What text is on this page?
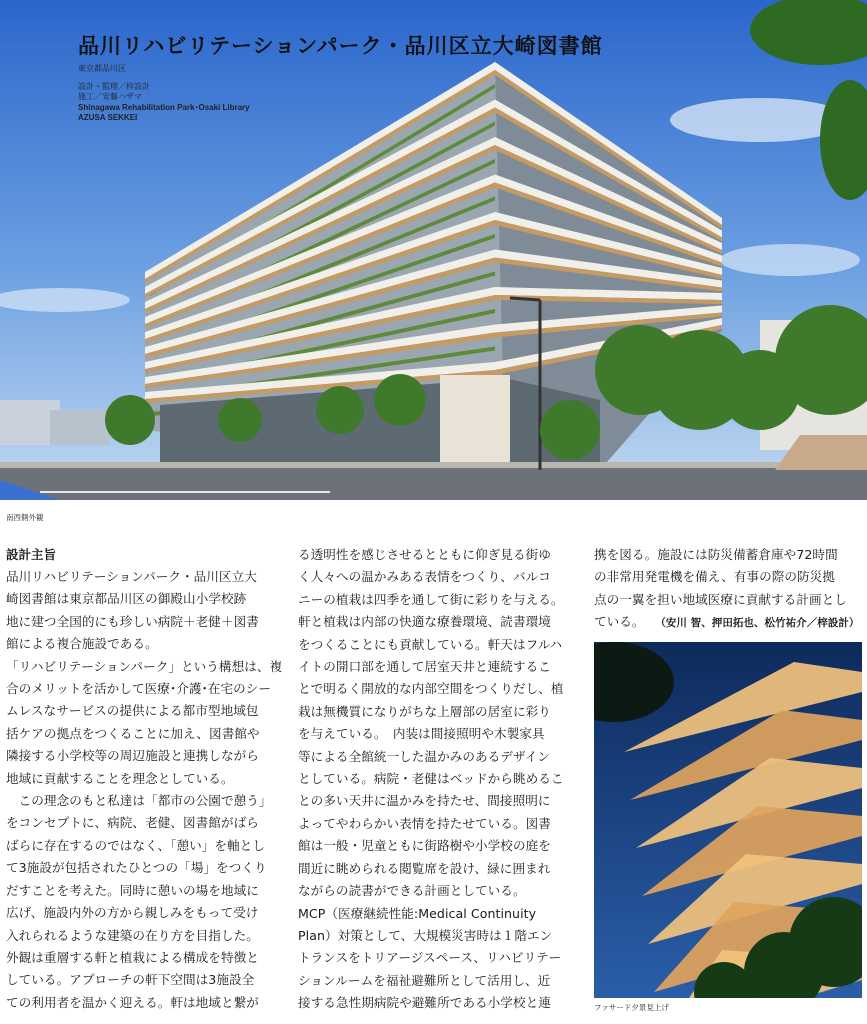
品川リハビリテーションパーク・品川区立大崎図書館
東京都品川区
設計・監理／梓設計
施工／安藤ハザマ
Shinagawa Rehabilitation Park･Osaki Library
AZUSA SEKKEI
南西側外観
設計主旨

品川リハビリテーションパーク・品川区立大

崎図書館は東京都品川区の御殿山小学校跡

地に建つ全国的にも珍しい病院＋老健＋図書

館による複合施設である。

「リハビリテーションパーク」という構想は、複

合のメリットを活かして医療･介護･在宅のシー

ムレスなサービスの提供による都市型地域包

括ケアの拠点をつくることに加え、図書館や

隣接する小学校等の周辺施設と連携しながら

地域に貢献することを理念としている。

　この理念のもと私達は「都市の公園で憩う」

をコンセプトに、病院、老健、図書館がばら

ばらに存在するのではなく、「憩い」を軸とし

て3施設が包括されたひとつの「場」をつくり

だすことを考えた。同時に憩いの場を地域に

広げ、施設内外の方から親しみをもって受け

入れられるような建築の在り方を目指した。

外観は重層する軒と植栽による構成を特徴と

している。アプローチの軒下空間は3施設全

ての利用者を温かく迎える。軒は地域と繋が

る透明性を感じさせるとともに仰ぎ見る街ゆ

く人々への温かみある表情をつくり、バルコ

ニーの植栽は四季を通して街に彩りを与える。

軒と植栽は内部の快適な療養環境、読書環境

をつくることにも貢献している。軒天はフルハ

イトの開口部を通して居室天井と連続するこ

とで明るく開放的な内部空間をつくりだし、植

栽は無機質になりがちな上層部の居室に彩り

を与えている。　内装は間接照明や木製家具

等による全館統一した温かみのあるデザイン

としている。病院・老健はベッドから眺めるこ

との多い天井に温かみを持たせ、間接照明に

よってやわらかい表情を持たせている。図書

館は一般・児童ともに街路樹や小学校の庭を

間近に眺められる閲覧席を設け、緑に囲まれ

ながらの読書ができる計画としている。

MCP（医療継続性能:Medical Continuity

Plan）対策として、大規模災害時は１階エン

トランスをトリアージスペース、リハビリテー

ションルームを福祉避難所として活用し、近

接する急性期病院や避難所である小学校と連

携を図る。施設には防災備蓄倉庫や72時間

の非常用発電機を備え、有事の際の防災拠

点の一翼を担い地域医療に貢献する計画とし

ている。 （安川 智、押田拓也、松竹祐介／梓設計）

ファサード夕景見上げ
